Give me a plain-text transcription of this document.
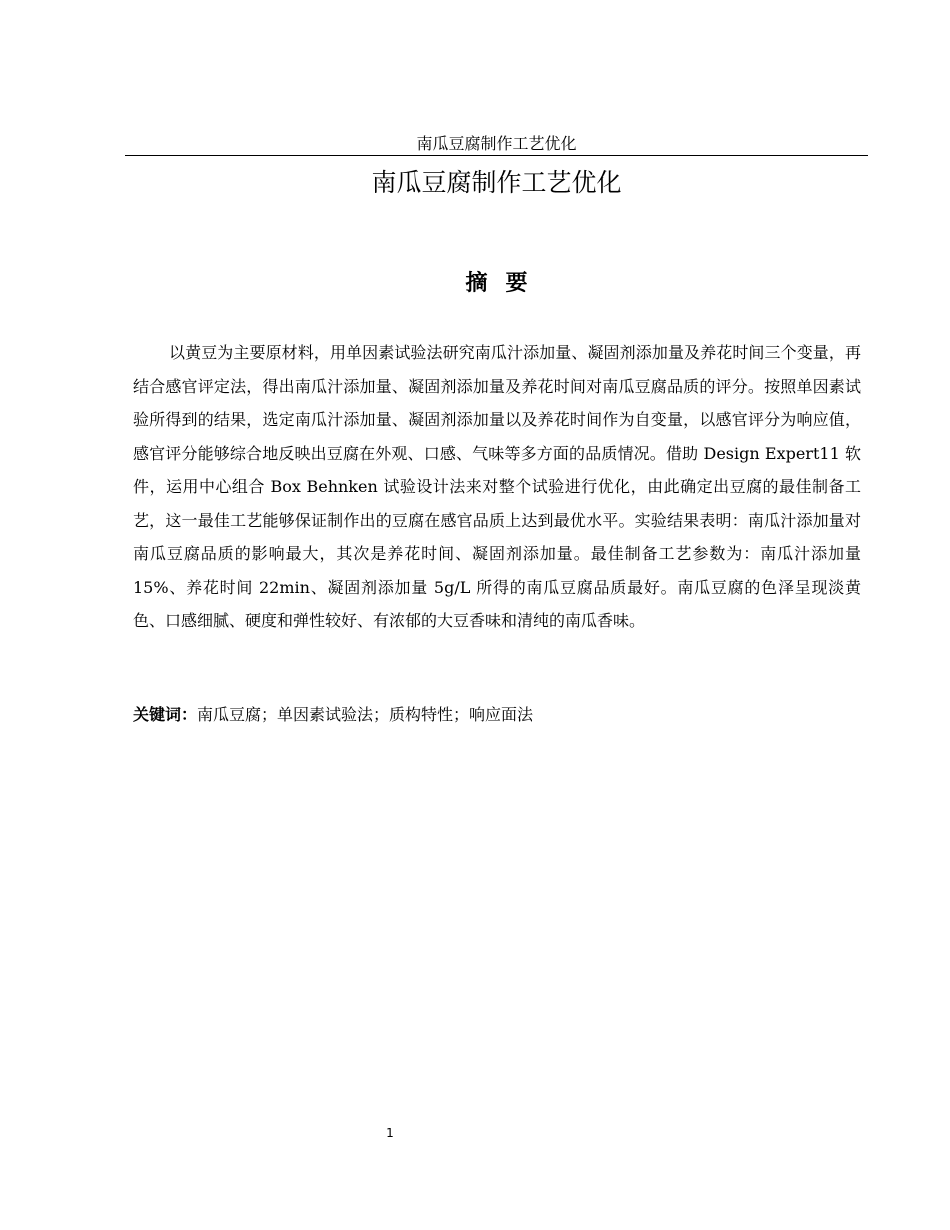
南瓜豆腐制作工艺优化
南瓜豆腐制作工艺优化
摘要

以黄豆为主要原材料，用单因素试验法研究南瓜汁添加量、凝固剂添加量及养花时间三个变量，再结合感官评定法，得出南瓜汁添加量、凝固剂添加量及养花时间对南瓜豆腐品质的评分。按照单因素试验所得到的结果，选定南瓜汁添加量、凝固剂添加量以及养花时间作为自变量，以感官评分为响应值，感官评分能够综合地反映出豆腐在外观、口感、气味等多方面的品质情况。借助 Design Expert11 软件，运用中心组合 Box Behnken 试验设计法来对整个试验进行优化，由此确定出豆腐的最佳制备工艺，这一最佳工艺能够保证制作出的豆腐在感官品质上达到最优水平。实验结果表明：南瓜汁添加量对南瓜豆腐品质的影响最大，其次是养花时间、凝固剂添加量。最佳制备工艺参数为：南瓜汁添加量 15%、养花时间 22min、凝固剂添加量 5g/L 所得的南瓜豆腐品质最好。南瓜豆腐的色泽呈现淡黄色、口感细腻、硬度和弹性较好、有浓郁的大豆香味和清纯的南瓜香味。

关键词：南瓜豆腐；单因素试验法；质构特性；响应面法

1
